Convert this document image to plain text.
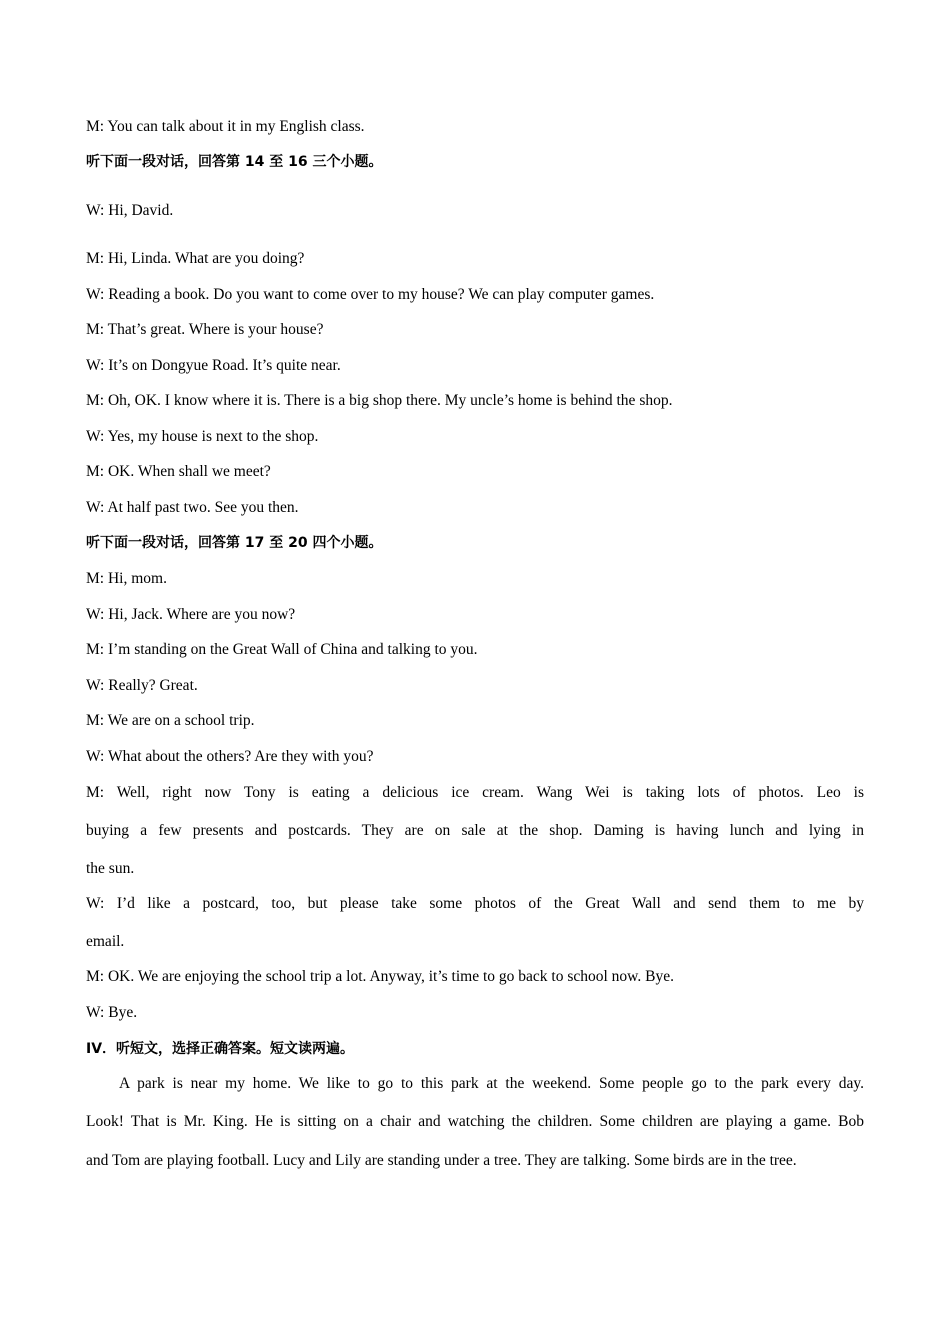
M: You can talk about it in my English class.

听下面一段对话，回答第 14 至 16 三个小题。

W: Hi, David.

M: Hi, Linda. What are you doing?

W: Reading a book. Do you want to come over to my house? We can play computer games.

M: That’s great. Where is your house?

W: It’s on Dongyue Road. It’s quite near.

M: Oh, OK. I know where it is. There is a big shop there. My uncle’s home is behind the shop.

W: Yes, my house is next to the shop.

M: OK. When shall we meet?

W: At half past two. See you then.

听下面一段对话，回答第 17 至 20 四个小题。

M: Hi, mom.

W: Hi, Jack. Where are you now?

M: I’m standing on the Great Wall of China and talking to you.

W: Really? Great.

M: We are on a school trip.

W: What about the others? Are they with you?

M: Well, right now Tony is eating a delicious ice cream. Wang Wei is taking lots of photos. Leo is

buying a few presents and postcards. They are on sale at the shop. Daming is having lunch and lying in

the sun.

W: I’d like a postcard, too, but please take some photos of the Great Wall and send them to me by

email.

M: OK. We are enjoying the school trip a lot. Anyway, it’s time to go back to school now. Bye.

W: Bye.

IV．听短文，选择正确答案。短文读两遍。

A park is near my home. We like to go to this park at the weekend. Some people go to the park every day.

Look! That is Mr. King. He is sitting on a chair and watching the children. Some children are playing a game. Bob

and Tom are playing football. Lucy and Lily are standing under a tree. They are talking. Some birds are in the tree.
